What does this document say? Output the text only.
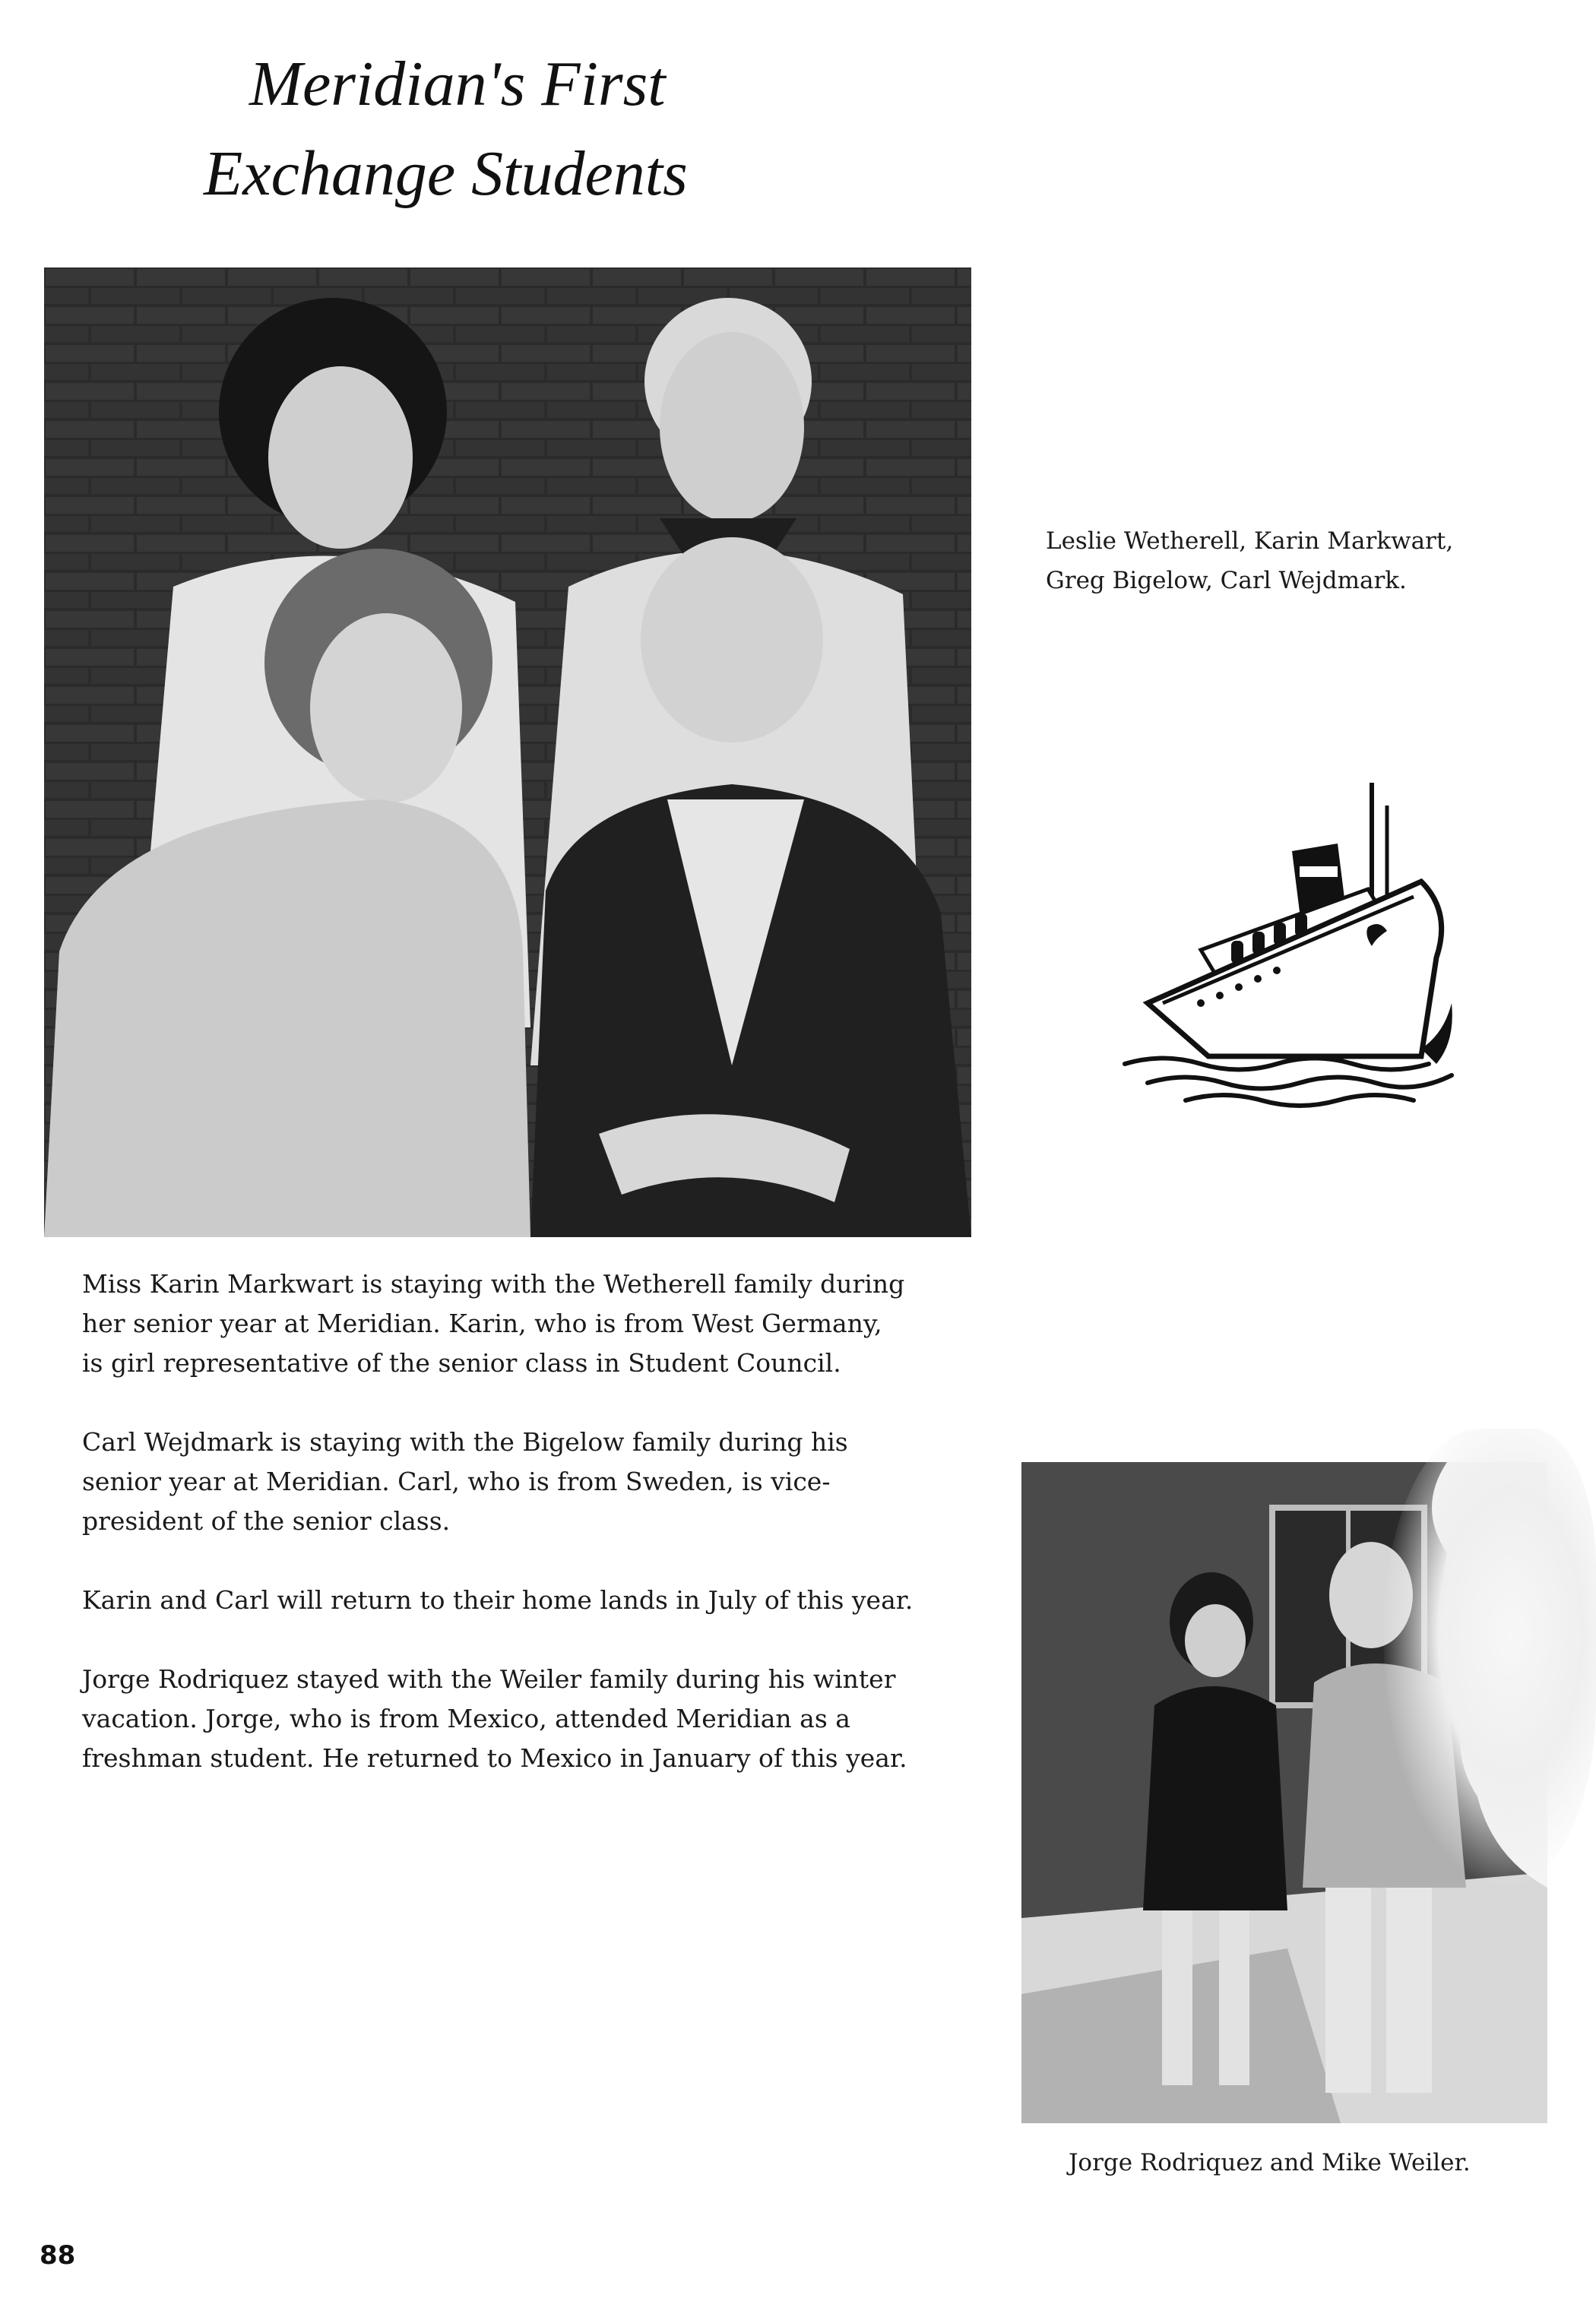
Meridian's First
Exchange Students
Leslie Wetherell, Karin Markwart,
Greg Bigelow, Carl Wejdmark.

Miss Karin Markwart is staying with the Wetherell family during
her senior year at Meridian. Karin, who is from West Germany,
is girl representative of the senior class in Student Council.

Carl Wejdmark is staying with the Bigelow family during his
senior year at Meridian. Carl, who is from Sweden, is vice-
president of the senior class.

Karin and Carl will return to their home lands in July of this year.

Jorge Rodriquez stayed with the Weiler family during his winter
vacation. Jorge, who is from Mexico, attended Meridian as a
freshman student. He returned to Mexico in January of this year.

Jorge Rodriquez and Mike Weiler.
88
